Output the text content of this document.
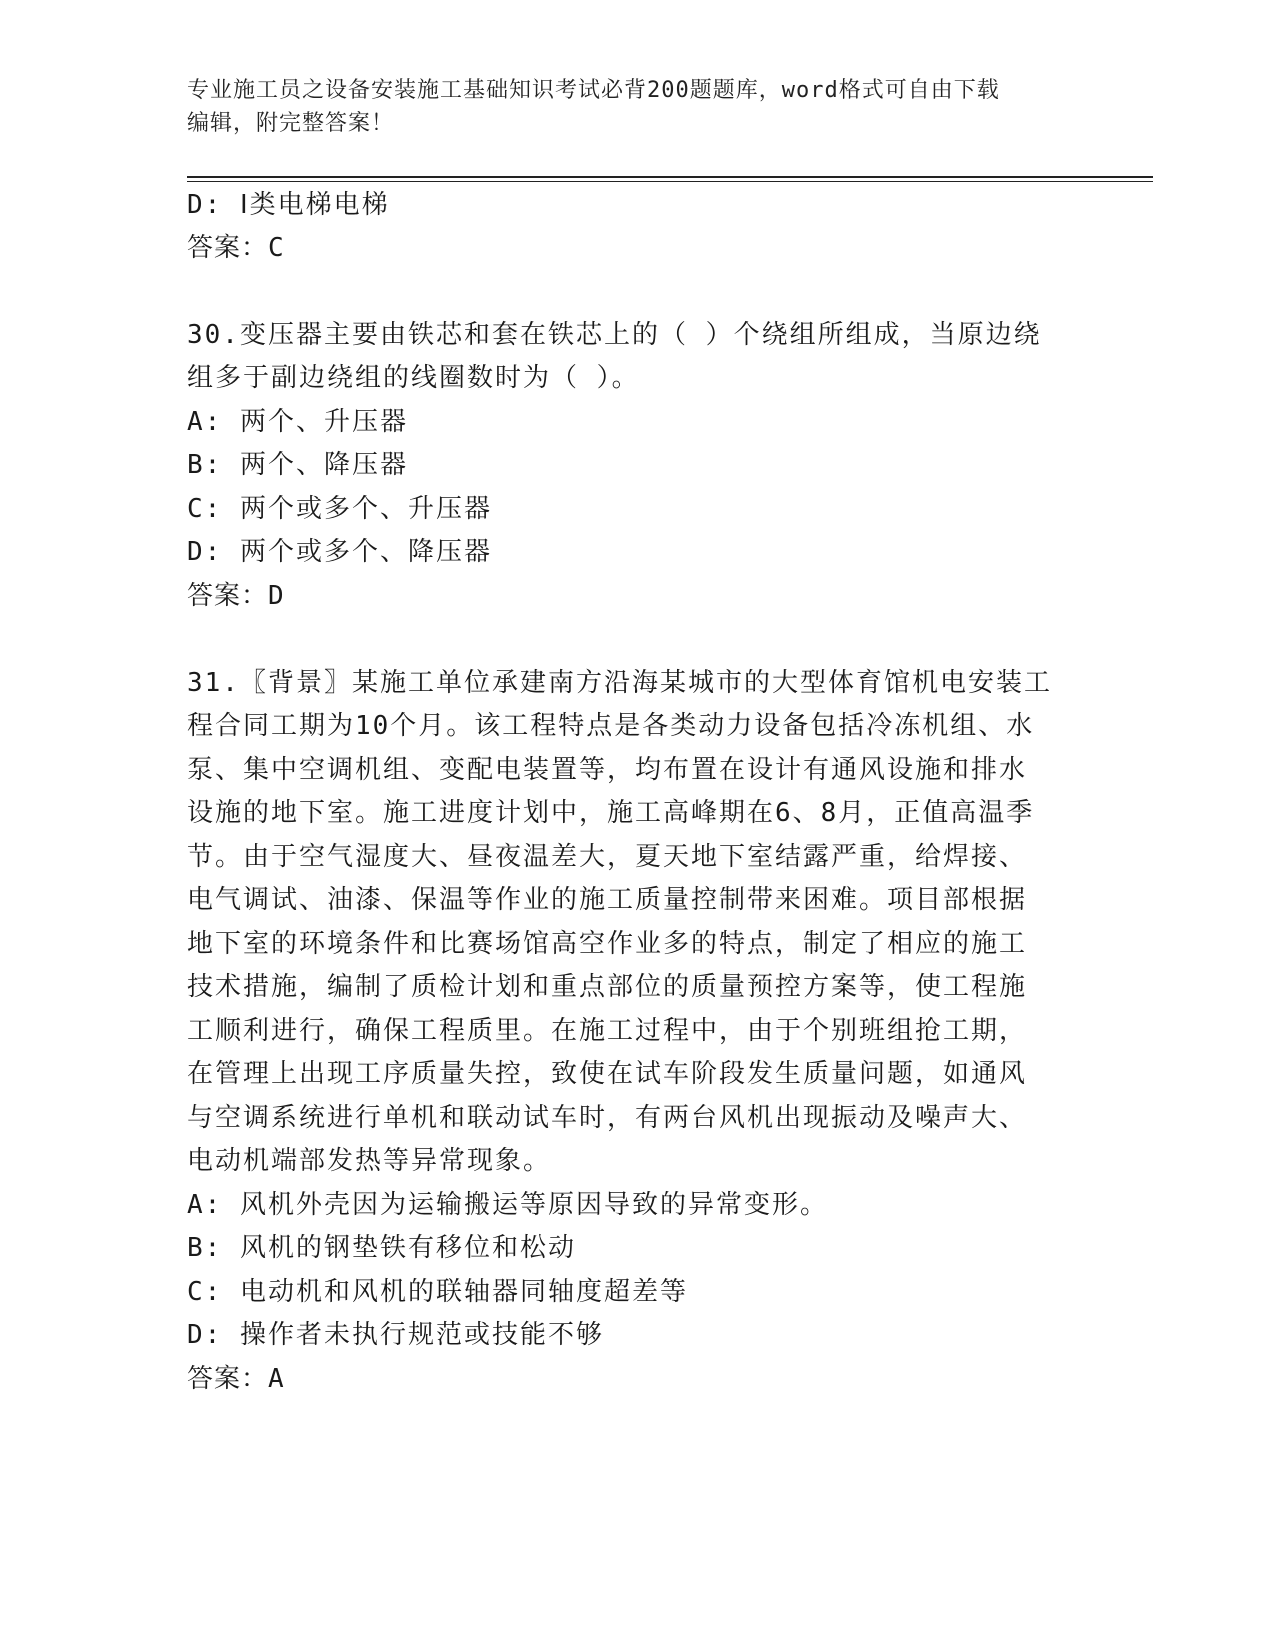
专业施工员之设备安装施工基础知识考试必背200题题库，word格式可自由下载
编辑，附完整答案！
D: Ⅰ类电梯电梯
答案：C
30.变压器主要由铁芯和套在铁芯上的（ ）个绕组所组成，当原边绕
组多于副边绕组的线圈数时为（ ）。
A: 两个、升压器
B: 两个、降压器
C: 两个或多个、升压器
D: 两个或多个、降压器
答案：D
31.〖背景〗某施工单位承建南方沿海某城市的大型体育馆机电安装工
程合同工期为10个月。该工程特点是各类动力设备包括冷冻机组、水
泵、集中空调机组、变配电装置等，均布置在设计有通风设施和排水
设施的地下室。施工进度计划中，施工高峰期在6、8月，正值高温季
节。由于空气湿度大、昼夜温差大，夏天地下室结露严重，给焊接、
电气调试、油漆、保温等作业的施工质量控制带来困难。项目部根据
地下室的环境条件和比赛场馆高空作业多的特点，制定了相应的施工
技术措施，编制了质检计划和重点部位的质量预控方案等，使工程施
工顺利进行，确保工程质里。在施工过程中，由于个别班组抢工期，
在管理上出现工序质量失控，致使在试车阶段发生质量问题，如通风
与空调系统进行单机和联动试车时，有两台风机出现振动及噪声大、
电动机端部发热等异常现象。
A: 风机外壳因为运输搬运等原因导致的异常变形。
B: 风机的钢垫铁有移位和松动
C: 电动机和风机的联轴器同轴度超差等
D: 操作者未执行规范或技能不够
答案：A
